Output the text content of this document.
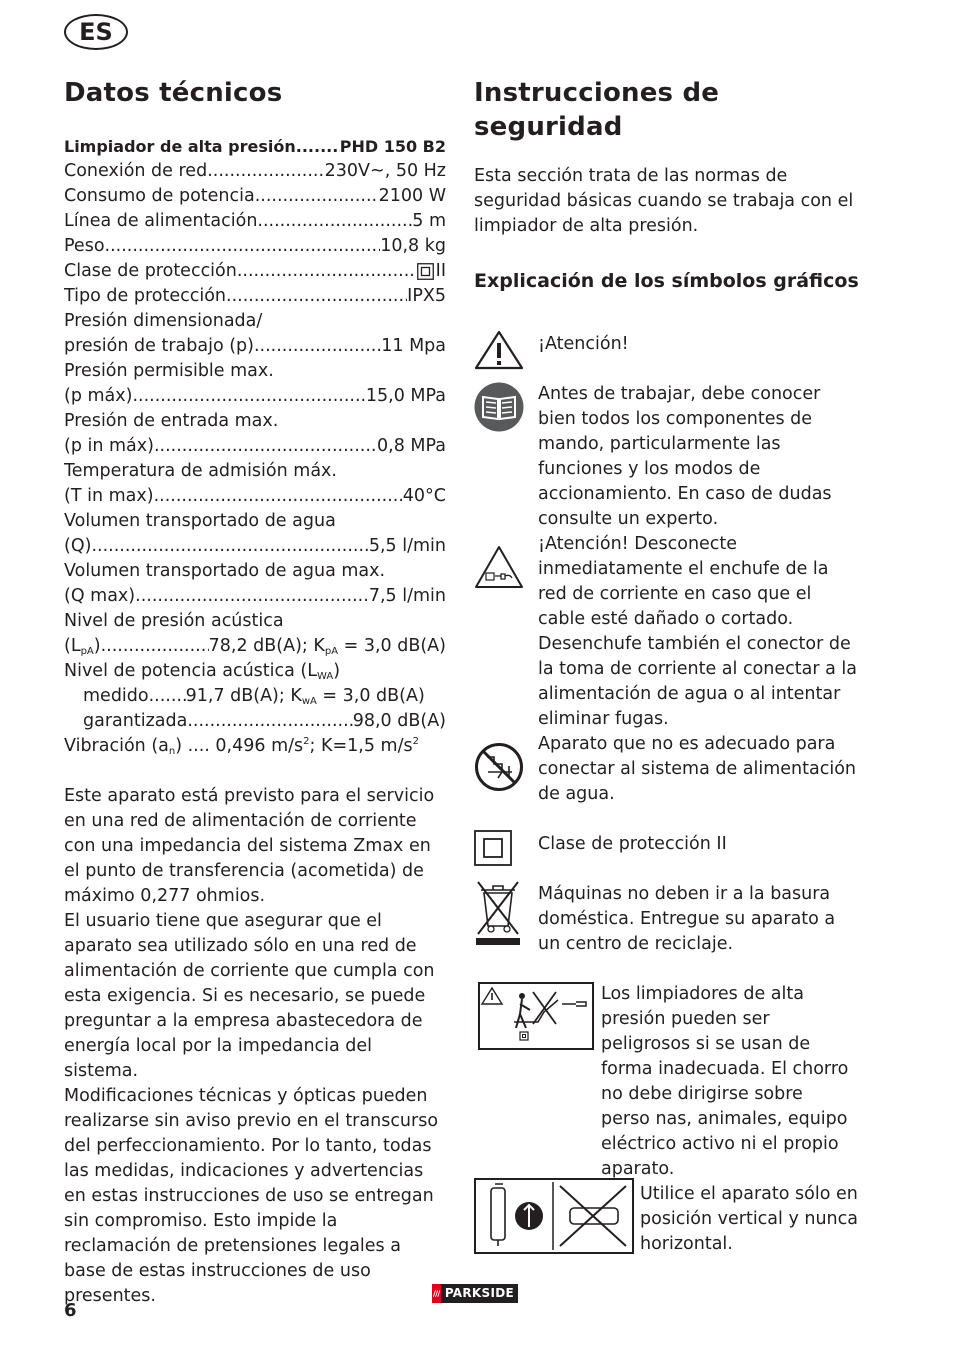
ES
Datos técnicos
Limpiador de alta presión .....	PHD 150 B2
Conexión de red .....	230V~, 50 Hz
Consumo de potencia .....	2100 W
Línea de alimentación .....	5 m
Peso .....	10,8 kg
Clase de protección .....	II
Tipo de protección .....	IPX5
Presión dimensionada/
presión de trabajo (p) .....	11 Mpa
Presión permisible max.
(p máx) .....	15,0 MPa
Presión de entrada max.
(p in máx) .....	0,8 MPa
Temperatura de admisión máx.
(T in max) .....	40°C
Volumen transportado de agua
(Q) .....	5,5 l/min
Volumen transportado de agua max.
(Q max) .....	7,5 l/min
Nivel de presión acústica
$(L_{pA})$ .....	78,2 dB(A); $K_{pA} = 3,0$ dB(A)
Nivel de potencia acústica $(L_{WA})$
medido ..... 91,7 dB(A); $K_{wA} = 3,0$ dB(A)
garantizada .....	98,0 dB(A)
Vibración $(a_n)$ .... 0,496 $m/s^2$; K=1,5 $m/s^2$
Este aparato está previsto para el servicio en una red de alimentación de corriente con una impedancia del sistema Zmax en el punto de transferencia (acometida) de máximo 0,277 ohmios.
El usuario tiene que asegurar que el aparato sea utilizado sólo en una red de alimentación de corriente que cumpla con esta exigencia. Si es necesario, se puede preguntar a la empresa abastecedora de energía local por la impedancia del sistema.
Modificaciones técnicas y ópticas pueden realizarse sin aviso previo en el transcurso del perfeccionamiento. Por lo tanto, todas las medidas, indicaciones y advertencias en estas instrucciones de uso se entregan sin compromiso. Esto impide la reclamación de pretensiones legales a base de estas instrucciones de uso presentes.
Instrucciones de seguridad
Esta sección trata de las normas de seguridad básicas cuando se trabaja con el limpiador de alta presión.
Explicación de los símbolos gráficos
¡Atención!
Antes de trabajar, debe conocer bien todos los componentes de mando, particularmente las funciones y los modos de accionamiento. En caso de dudas consulte un experto.
¡Atención! Desconecte inmediatamente el enchufe de la red de corriente en caso que el cable esté dañado o cortado. Desenchufe también el conector de la toma de corriente al conectar a la alimentación de agua o al intentar eliminar fugas.
Aparato que no es adecuado para conectar al sistema de alimentación de agua.
Clase de protección II
Máquinas no deben ir a la basura doméstica. Entregue su aparato a un centro de reciclaje.
Los limpiadores de alta presión pueden ser peligrosos si se usan de forma inadecuada. El chorro no debe dirigirse sobre perso nas, animales, equipo eléctrico activo ni el propio aparato.
Utilice el aparato sólo en posición vertical y nunca horizontal.
6
PARKSIDE
